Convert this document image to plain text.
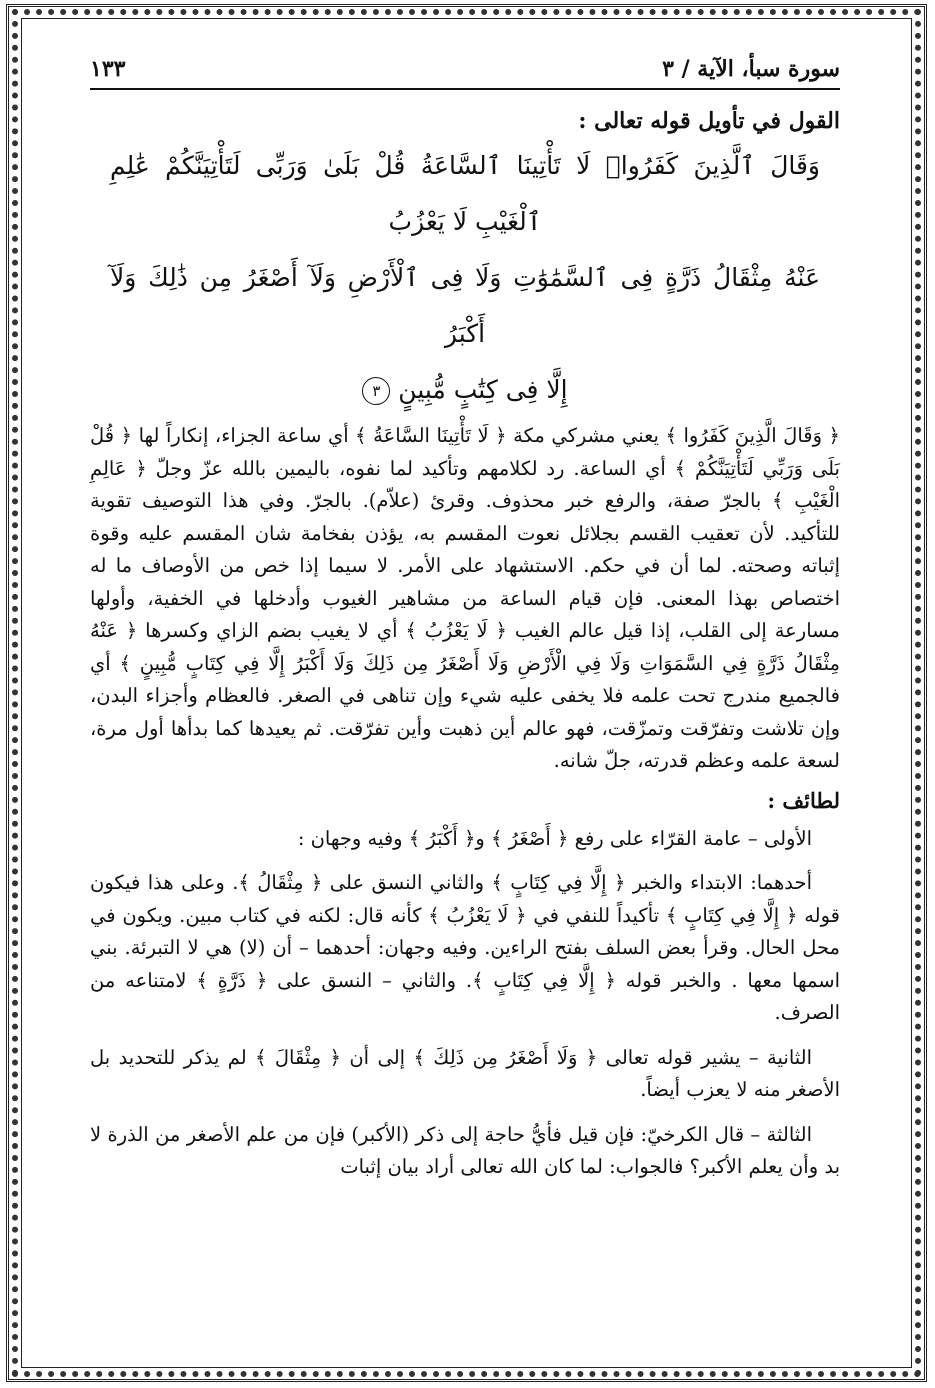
سورة سبأ، الآية / ٣
١٣٣
القول في تأويل قوله تعالى :
وَقَالَ ٱلَّذِينَ كَفَرُوا۟ لَا تَأْتِينَا ٱلسَّاعَةُ قُلْ بَلَىٰ وَرَبِّى لَتَأْتِيَنَّكُمْ عَٰلِمِ ٱلْغَيْبِ لَا يَعْزُبُ
عَنْهُ مِثْقَالُ ذَرَّةٍ فِى ٱلسَّمَٰوَٰتِ وَلَا فِى ٱلْأَرْضِ وَلَآ أَصْغَرُ مِن ذَٰلِكَ وَلَآ أَكْبَرُ
إِلَّا فِى كِتَٰبٍ مُّبِينٍ ٣

﴿ وَقَالَ الَّذِينَ كَفَرُوا ﴾ يعني مشركي مكة ﴿ لَا تَأْتِينَا السَّاعَةُ ﴾ أي ساعة الجزاء، إنكاراً لها ﴿ قُلْ بَلَى وَرَبِّي لَتَأْتِيَنَّكُمْ ﴾ أي الساعة. رد لكلامهم وتأكيد لما نفوه، باليمين بالله عزّ وجلّ ﴿ عَالِمِ الْغَيْبِ ﴾ بالجرّ صفة، والرفع خبر محذوف. وقرئ (علاّم). بالجرّ. وفي هذا التوصيف تقوية للتأكيد. لأن تعقيب القسم بجلائل نعوت المقسم به، يؤذن بفخامة شان المقسم عليه وقوة إثباته وصحته. لما أن في حكم. الاستشهاد على الأمر. لا سيما إذا خص من الأوصاف ما له اختصاص بهذا المعنى. فإن قيام الساعة من مشاهير الغيوب وأدخلها في الخفية، وأولها مسارعة إلى القلب، إذا قيل عالم الغيب ﴿ لَا يَعْزُبُ ﴾ أي لا يغيب بضم الزاي وكسرها ﴿ عَنْهُ مِثْقَالُ ذَرَّةٍ فِي السَّمَوَاتِ وَلَا فِي الْأَرْضِ وَلَا أَصْغَرُ مِن ذَلِكَ وَلَا أَكْبَرُ إِلَّا فِي كِتَابٍ مُّبِينٍ ﴾ أي فالجميع مندرج تحت علمه فلا يخفى عليه شيء وإن تناهى في الصغر. فالعظام وأجزاء البدن، وإن تلاشت وتفرّقت وتمزّقت، فهو عالم أين ذهبت وأين تفرّقت. ثم يعيدها كما بدأها أول مرة، لسعة علمه وعظم قدرته، جلّ شانه.

لطائف :

الأولى – عامة القرّاء على رفع ﴿ أَصْغَرُ ﴾ و﴿ أَكْبَرُ ﴾ وفيه وجهان :

أحدهما: الابتداء والخبر ﴿ إِلَّا فِي كِتَابٍ ﴾ والثاني النسق على ﴿ مِثْقَالُ ﴾. وعلى هذا فيكون قوله ﴿ إِلَّا فِي كِتَابٍ ﴾ تأكيداً للنفي في ﴿ لَا يَعْزُبُ ﴾ كأنه قال: لكنه في كتاب مبين. ويكون في محل الحال. وقرأ بعض السلف بفتح الراءين. وفيه وجهان: أحدهما – أن (لا) هي لا التبرئة. بني اسمها معها . والخبر قوله ﴿ إِلَّا فِي كِتَابٍ ﴾. والثاني – النسق على ﴿ ذَرَّةٍ ﴾ لامتناعه من الصرف.

الثانية – يشير قوله تعالى ﴿ وَلَا أَصْغَرُ مِن ذَلِكَ ﴾ إلى أن ﴿ مِثْقَالَ ﴾ لم يذكر للتحديد بل الأصغر منه لا يعزب أيضاً.

الثالثة – قال الكرخيّ: فإن قيل فأيُّ حاجة إلى ذكر (الأكبر) فإن من علم الأصغر من الذرة لا بد وأن يعلم الأكبر؟ فالجواب: لما كان الله تعالى أراد بيان إثبات
